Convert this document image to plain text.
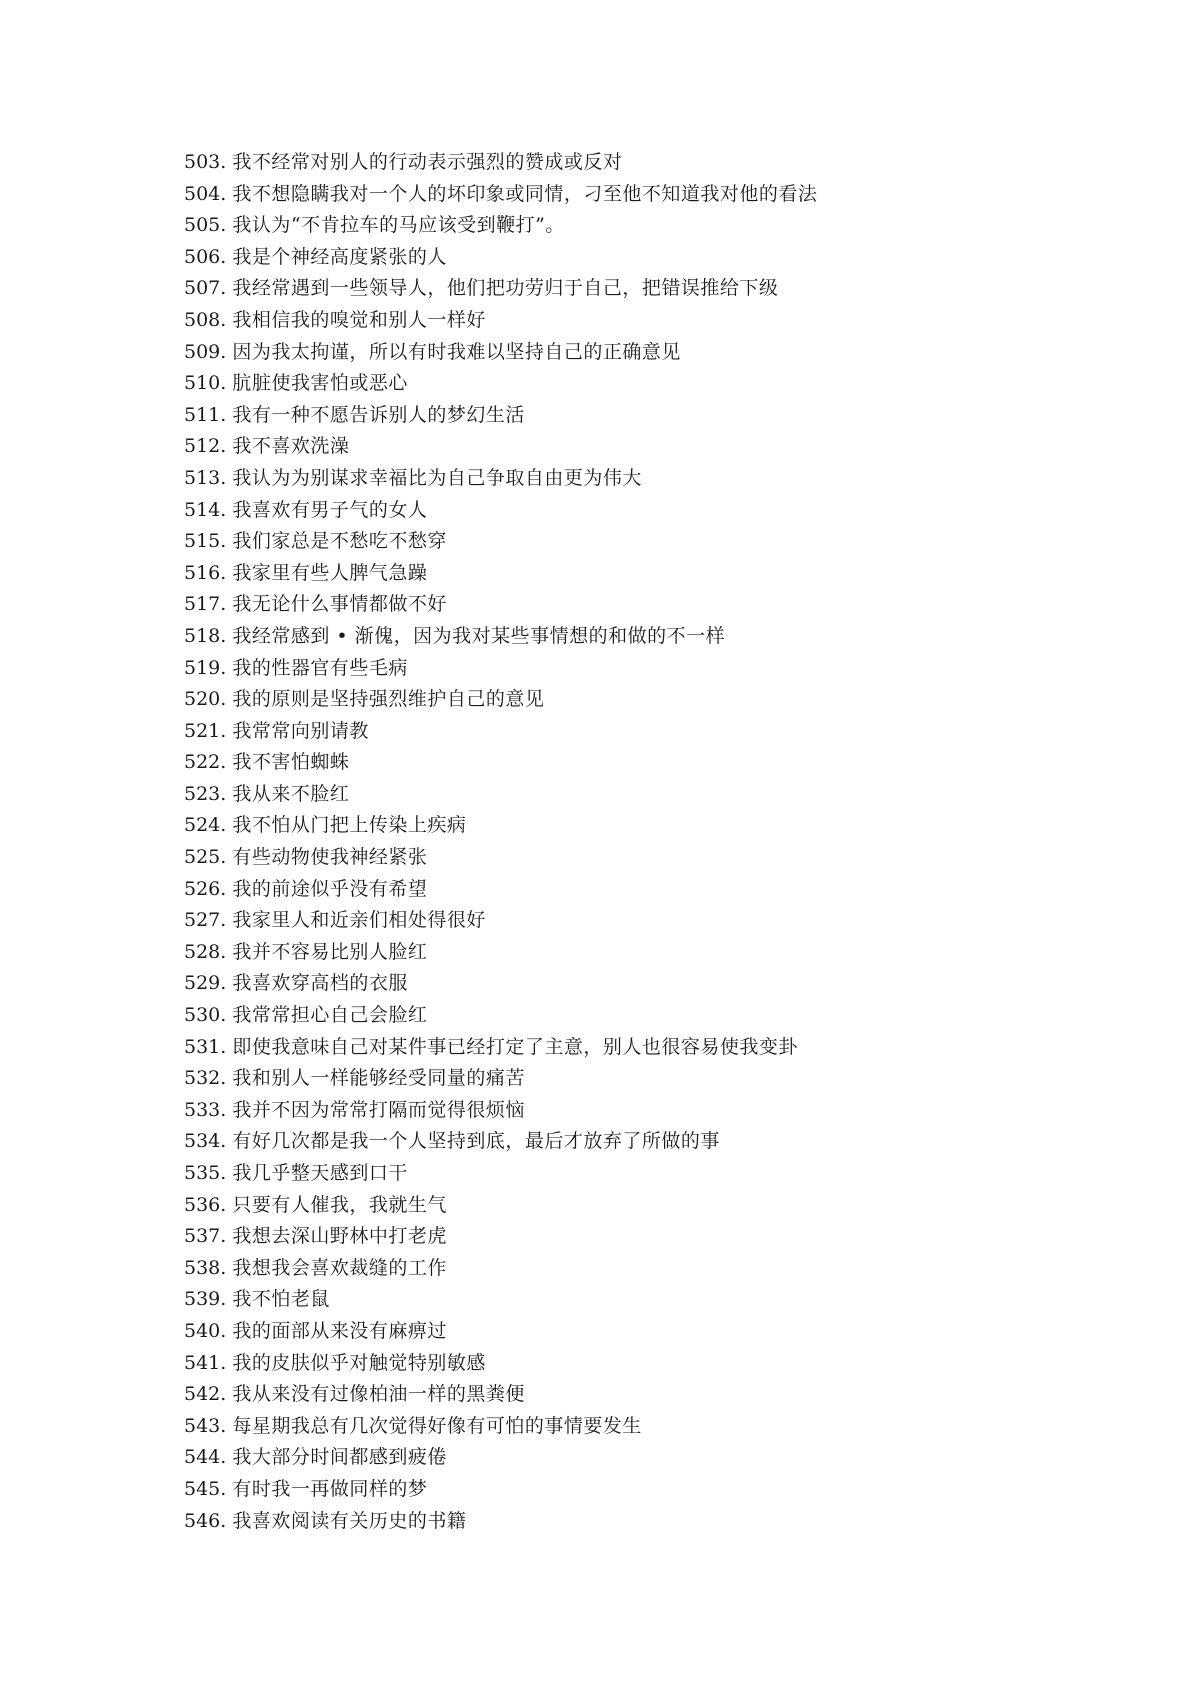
503. 我不经常对别人的行动表示强烈的赞成或反对
504. 我不想隐瞒我对一个人的坏印象或同情，刁至他不知道我对他的看法
505. 我认为“不肯拉车的马应该受到鞭打”。
506. 我是个神经高度紧张的人
507. 我经常遇到一些领导人，他们把功劳归于自己，把错误推给下级
508. 我相信我的嗅觉和别人一样好
509. 因为我太拘谨，所以有时我难以坚持自己的正确意见
510. 肮脏使我害怕或恶心
511. 我有一种不愿告诉别人的梦幻生活
512. 我不喜欢洗澡
513. 我认为为别谋求幸福比为自己争取自由更为伟大
514. 我喜欢有男子气的女人
515. 我们家总是不愁吃不愁穿
516. 我家里有些人脾气急躁
517. 我无论什么事情都做不好
518. 我经常感到 • 渐傀，因为我对某些事情想的和做的不一样
519. 我的性器官有些毛病
520. 我的原则是坚持强烈维护自己的意见
521. 我常常向别请教
522. 我不害怕蜘蛛
523. 我从来不脸红
524. 我不怕从门把上传染上疾病
525. 有些动物使我神经紧张
526. 我的前途似乎没有希望
527. 我家里人和近亲们相处得很好
528. 我并不容易比别人脸红
529. 我喜欢穿高档的衣服
530. 我常常担心自己会脸红
531. 即使我意味自己对某件事已经打定了主意，别人也很容易使我变卦
532. 我和别人一样能够经受同量的痛苦
533. 我并不因为常常打隔而觉得很烦恼
534. 有好几次都是我一个人坚持到底，最后才放弃了所做的事
535. 我几乎整天感到口干
536. 只要有人催我，我就生气
537. 我想去深山野林中打老虎
538. 我想我会喜欢裁缝的工作
539. 我不怕老鼠
540. 我的面部从来没有麻痹过
541. 我的皮肤似乎对触觉特别敏感
542. 我从来没有过像柏油一样的黑粪便
543. 每星期我总有几次觉得好像有可怕的事情要发生
544. 我大部分时间都感到疲倦
545. 有时我一再做同样的梦
546. 我喜欢阅读有关历史的书籍
